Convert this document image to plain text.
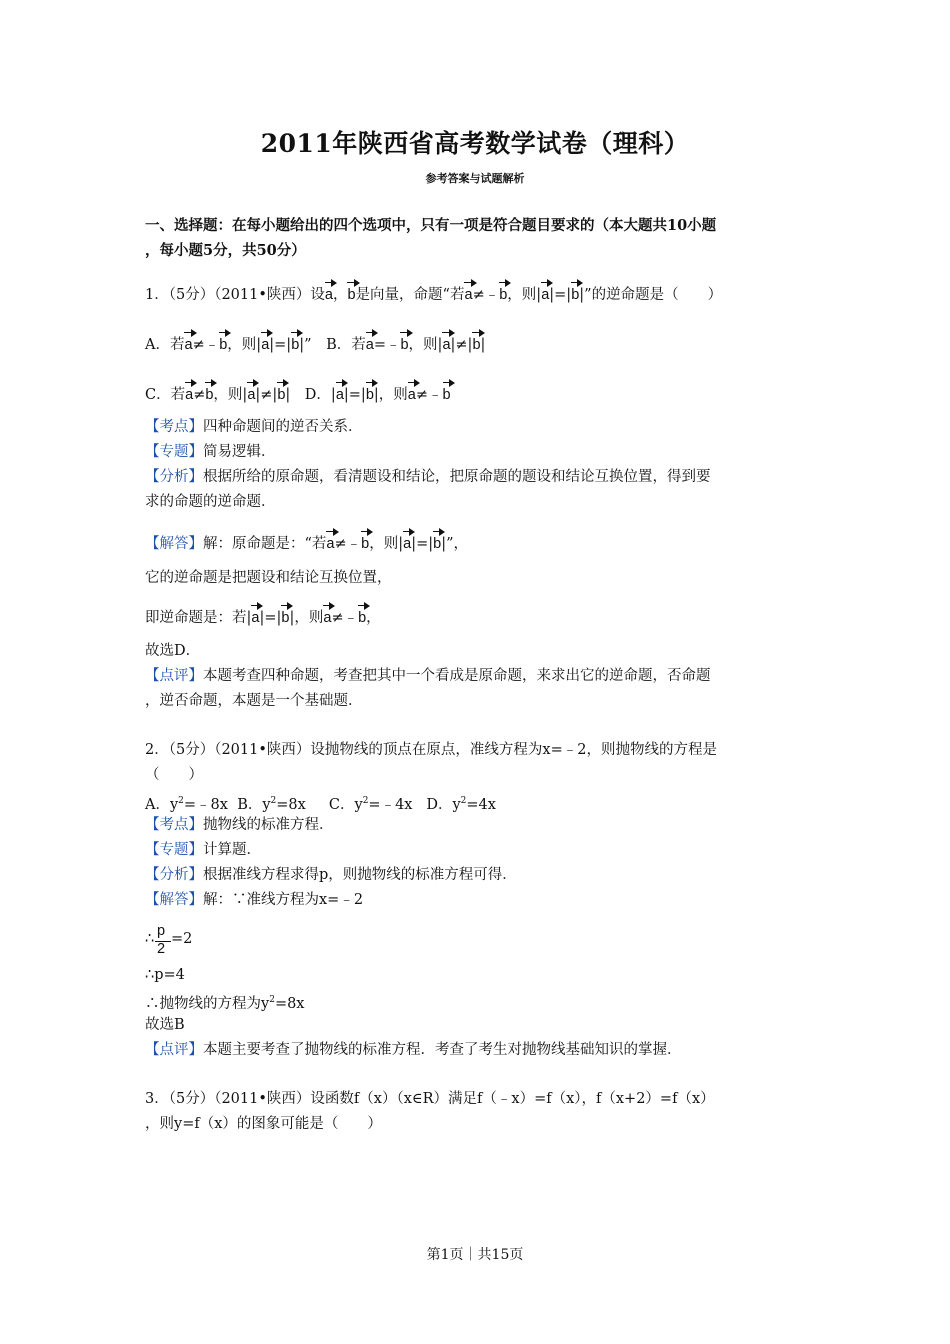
2011年陕西省高考数学试卷（理科）
参考答案与试题解析
一、选择题：在每小题给出的四个选项中，只有一项是符合题目要求的（本大题共10小题
，每小题5分，共50分）
1．（5分）（2011•陕西）设a，b是向量，命题“若a≠﹣b，则|a|=|b|”的逆命题是（　　）
A．若a≠﹣b，则|a|=|b|”　B．若a=﹣b，则|a|≠|b|
C．若a≠b，则|a|≠|b|　D．|a|=|b|，则a≠﹣b
【考点】四种命题间的逆否关系．
【专题】简易逻辑．
【分析】根据所给的原命题，看清题设和结论，把原命题的题设和结论互换位置，得到要
求的命题的逆命题．
【解答】解：原命题是：“若a≠﹣b，则|a|=|b|”，
它的逆命题是把题设和结论互换位置，
即逆命题是：若|a|=|b|，则a≠﹣b，
故选D．
【点评】本题考查四种命题，考查把其中一个看成是原命题，来求出它的逆命题，否命题
，逆否命题，本题是一个基础题．
2．（5分）（2011•陕西）设抛物线的顶点在原点，准线方程为x=﹣2，则抛物线的方程是
（　　）
A．$y^2=﹣8x$ B．$y^2=8x$ C．$y^2=﹣4x$ D．$y^2=4x$
【考点】抛物线的标准方程．
【专题】计算题．
【分析】根据准线方程求得p，则抛物线的标准方程可得．
【解答】解：∵准线方程为x=﹣2
∴ p
2
=2
∴p=4
∴抛物线的方程为$y^2=8x$
故选B
【点评】本题主要考查了抛物线的标准方程．考查了考生对抛物线基础知识的掌握．
3．（5分）（2011•陕西）设函数f（x）（x∈R）满足f（﹣x）=f（x），f（x+2）=f（x）
，则y=f（x）的图象可能是（　　）
第1页｜共15页
